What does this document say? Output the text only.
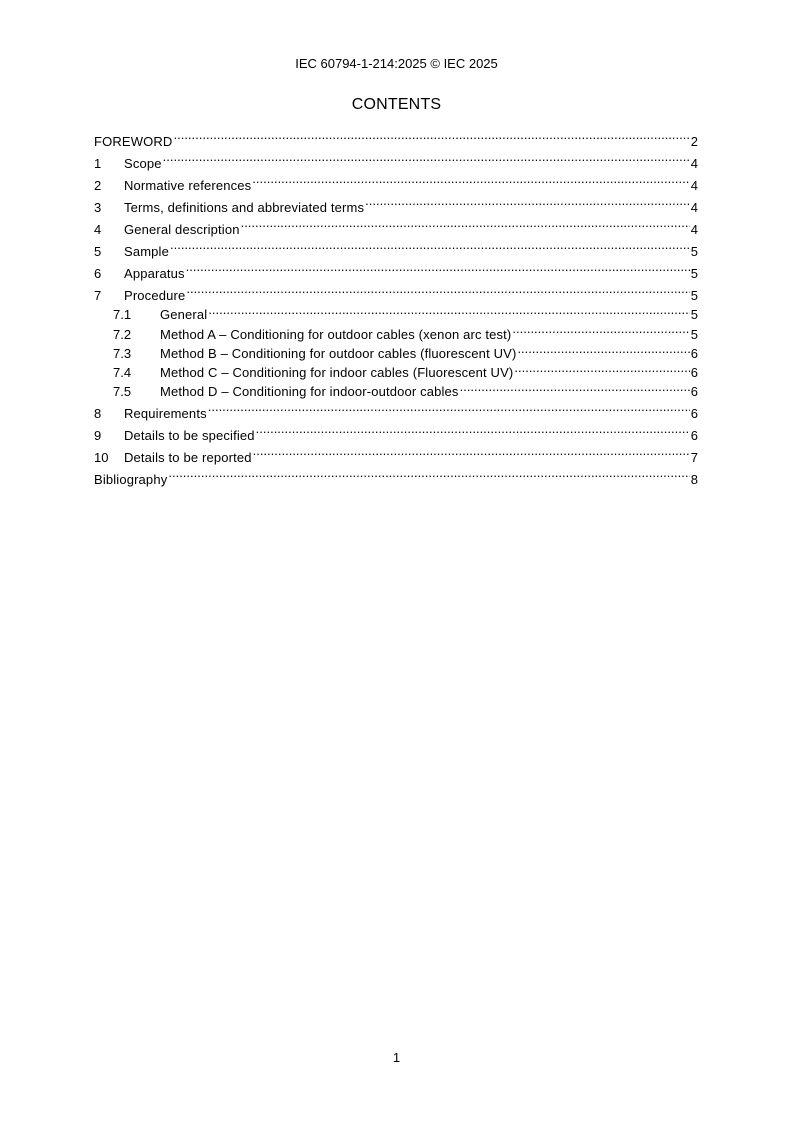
IEC 60794-1-214:2025 © IEC 2025
CONTENTS
FOREWORD .....	2
1	Scope .....	4
2	Normative references .....	4
3	Terms, definitions and abbreviated terms .....	4
4	General description .....	4
5	Sample .....	5
6	Apparatus .....	5
7	Procedure .....	5
7.1	General .....	5
7.2	Method A – Conditioning for outdoor cables (xenon arc test) .....	5
7.3	Method B – Conditioning for outdoor cables (fluorescent UV) .....	6
7.4	Method C – Conditioning for indoor cables (Fluorescent UV) .....	6
7.5	Method D – Conditioning for indoor-outdoor cables .....	6
8	Requirements .....	6
9	Details to be specified .....	6
10	Details to be reported .....	7
Bibliography .....	8
1
